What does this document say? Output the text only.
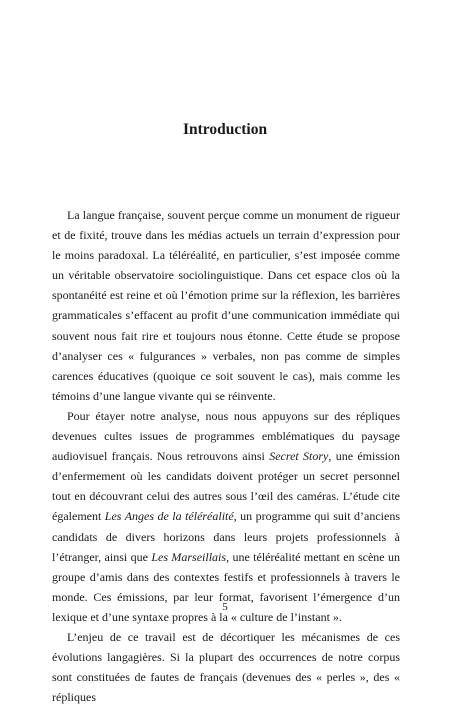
Introduction

La langue française, souvent perçue comme un monument de rigueur et de fixité, trouve dans les médias actuels un terrain d’expression pour le moins paradoxal. La téléréalité, en particulier, s’est imposée comme un véritable observatoire sociolinguistique. Dans cet espace clos où la spontanéité est reine et où l’émotion prime sur la réflexion, les barrières grammaticales s’effacent au profit d’une communication immédiate qui souvent nous fait rire et toujours nous étonne. Cette étude se propose d’analyser ces « fulgurances » verbales, non pas comme de simples carences éducatives (quoique ce soit souvent le cas), mais comme les témoins d’une langue vivante qui se réinvente.

Pour étayer notre analyse, nous nous appuyons sur des répliques devenues cultes issues de programmes emblématiques du paysage audiovisuel français. Nous retrouvons ainsi Secret Story, une émission d’enfermement où les candidats doivent protéger un secret personnel tout en découvrant celui des autres sous l’œil des caméras. L’étude cite également Les Anges de la téléréalité, un programme qui suit d’anciens candidats de divers horizons dans leurs projets professionnels à l’étranger, ainsi que Les Marseillais, une téléréalité mettant en scène un groupe d’amis dans des contextes festifs et professionnels à travers le monde. Ces émissions, par leur format, favorisent l’émergence d’un lexique et d’une syntaxe propres à la « culture de l’instant ».

L’enjeu de ce travail est de décortiquer les mécanismes de ces évolutions langagières. Si la plupart des occurrences de notre corpus sont constituées de fautes de français (devenues des « perles », des « répliques

5
